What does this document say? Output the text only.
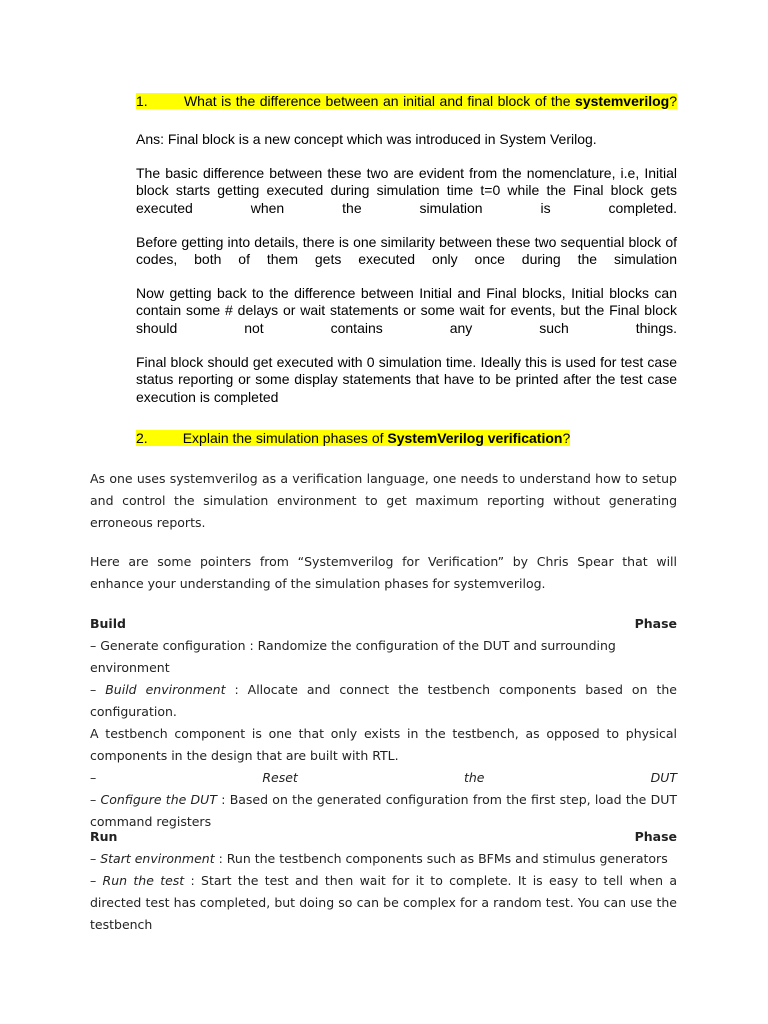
1.	What is the difference between an initial and final block of the systemverilog?
Ans: Final block is a new concept which was introduced in System Verilog.
The basic difference between these two are evident from the nomenclature, i.e, Initial block starts getting executed during simulation time t=0 while the Final block gets executed when the simulation is completed.
Before getting into details, there is one similarity between these two sequential block of codes, both of them gets executed only once during the simulation
Now getting back to the difference between Initial and Final blocks, Initial blocks can contain some # delays or wait statements or some wait for events, but the Final block should not contains any such things.
Final block should get executed with 0 simulation time. Ideally this is used for test case status reporting or some display statements that have to be printed after the test case execution is completed
2.	Explain the simulation phases of SystemVerilog verification?
As one uses systemverilog as a verification language, one needs to understand how to setup and control the simulation environment to get maximum reporting without generating erroneous reports.
Here are some pointers from “Systemverilog for Verification” by Chris Spear that will enhance your understanding of the simulation phases for systemverilog.
Build	Phase
– Generate configuration : Randomize the configuration of the DUT and surrounding environment
– Build environment : Allocate and connect the testbench components based on the configuration.
A testbench component is one that only exists in the testbench, as opposed to physical components in the design that are built with RTL.
– Reset	the	DUT
– Configure the DUT : Based on the generated configuration from the first step, load the DUT command registers
Run	Phase
– Start environment : Run the testbench components such as BFMs and stimulus generators
– Run the test : Start the test and then wait for it to complete. It is easy to tell when a directed test has completed, but doing so can be complex for a random test. You can use the testbench
